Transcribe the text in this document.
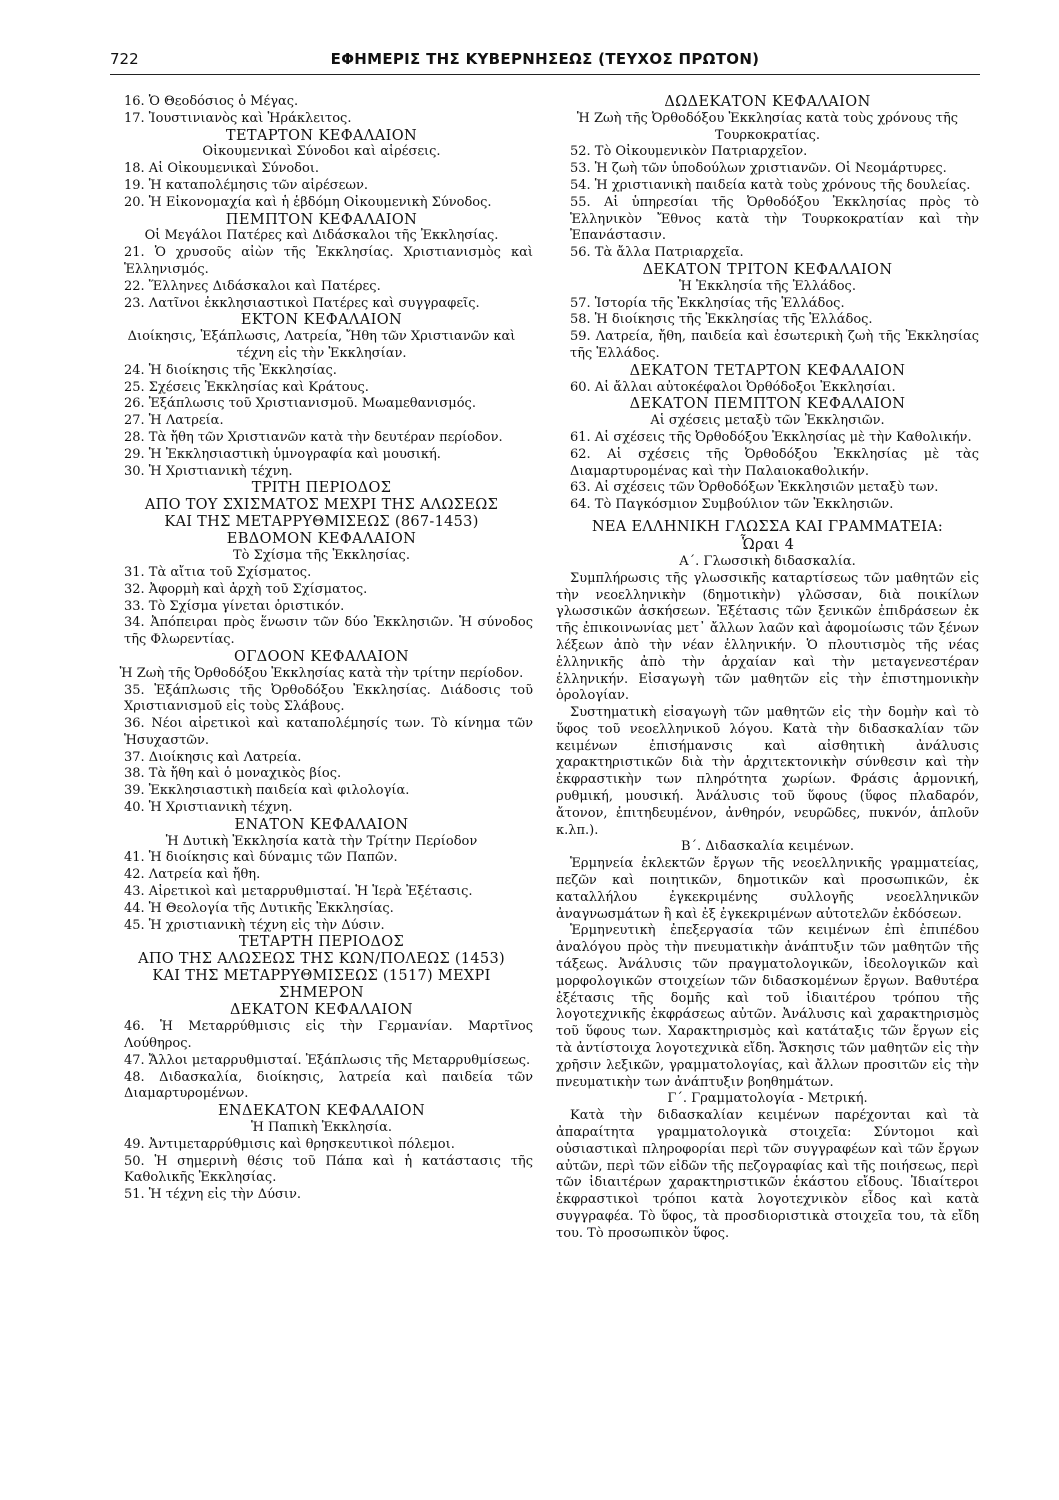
722	ΕΦΗΜΕΡΙΣ ΤΗΣ ΚΥΒΕΡΝΗΣΕΩΣ (ΤΕΥΧΟΣ ΠΡΩΤΟΝ)

16. Ὁ Θεοδόσιος ὁ Μέγας.

17. Ἰουστινιανὸς καὶ Ἡράκλειτος.

ΤΕΤΑΡΤΟΝ ΚΕΦΑΛΑΙΟΝ

Οἰκουμενικαὶ Σύνοδοι καὶ αἱρέσεις.

18. Αἱ Οἰκουμενικαὶ Σύνοδοι.

19. Ἡ καταπολέμησις τῶν αἱρέσεων.

20. Ἡ Εἰκονομαχία καὶ ἡ ἑβδόμη Οἰκουμενικὴ Σύνοδος.

ΠΕΜΠΤΟΝ ΚΕΦΑΛΑΙΟΝ

Οἱ Μεγάλοι Πατέρες καὶ Διδάσκαλοι τῆς Ἐκκλησίας.

21. Ὁ χρυσοῦς αἰὼν τῆς Ἐκκλησίας. Χριστιανισμὸς καὶ Ἑλληνισμός.

22. Ἕλληνες Διδάσκαλοι καὶ Πατέρες.

23. Λατῖνοι ἐκκλησιαστικοὶ Πατέρες καὶ συγγραφεῖς.

ΕΚΤΟΝ ΚΕΦΑΛΑΙΟΝ

Διοίκησις, Ἐξάπλωσις, Λατρεία, Ἤθη τῶν Χριστιανῶν καὶ τέχνη εἰς τὴν Ἐκκλησίαν.

24. Ἡ διοίκησις τῆς Ἐκκλησίας.

25. Σχέσεις Ἐκκλησίας καὶ Κράτους.

26. Ἐξάπλωσις τοῦ Χριστιανισμοῦ. Μωαμεθανισμός.

27. Ἡ Λατρεία.

28. Τὰ ἤθη τῶν Χριστιανῶν κατὰ τὴν δευτέραν περίοδον.

29. Ἡ Ἐκκλησιαστικὴ ὑμνογραφία καὶ μουσική.

30. Ἡ Χριστιανικὴ τέχνη.

ΤΡΙΤΗ ΠΕΡΙΟΔΟΣ

ΑΠΟ ΤΟΥ ΣΧΙΣΜΑΤΟΣ ΜΕΧΡΙ ΤΗΣ ΑΛΩΣΕΩΣ

ΚΑΙ ΤΗΣ ΜΕΤΑΡΡΥΘΜΙΣΕΩΣ (867-1453)

ΕΒΔΟΜΟΝ ΚΕΦΑΛΑΙΟΝ

Τὸ Σχίσμα τῆς Ἐκκλησίας.

31. Τὰ αἴτια τοῦ Σχίσματος.

32. Ἀφορμὴ καὶ ἀρχὴ τοῦ Σχίσματος.

33. Τὸ Σχίσμα γίνεται ὁριστικόν.

34. Ἀπόπειραι πρὸς ἕνωσιν τῶν δύο Ἐκκλησιῶν. Ἡ σύνοδος τῆς Φλωρεντίας.

ΟΓΔΟΟΝ ΚΕΦΑΛΑΙΟΝ

Ἡ Ζωὴ τῆς Ὀρθοδόξου Ἐκκλησίας κατὰ τὴν τρίτην περίοδον.

35. Ἐξάπλωσις τῆς Ὀρθοδόξου Ἐκκλησίας. Διάδοσις τοῦ Χριστιανισμοῦ εἰς τοὺς Σλάβους.

36. Νέοι αἱρετικοὶ καὶ καταπολέμησίς των. Τὸ κίνημα τῶν Ἡσυχαστῶν.

37. Διοίκησις καὶ Λατρεία.

38. Τὰ ἤθη καὶ ὁ μοναχικὸς βίος.

39. Ἐκκλησιαστικὴ παιδεία καὶ φιλολογία.

40. Ἡ Χριστιανικὴ τέχνη.

ΕΝΑΤΟΝ ΚΕΦΑΛΑΙΟΝ

Ἡ Δυτικὴ Ἐκκλησία κατὰ τὴν Τρίτην Περίοδον

41. Ἡ διοίκησις καὶ δύναμις τῶν Παπῶν.

42. Λατρεία καὶ ἤθη.

43. Αἱρετικοὶ καὶ μεταρρυθμισταί. Ἡ Ἱερὰ Ἐξέτασις.

44. Ἡ Θεολογία τῆς Δυτικῆς Ἐκκλησίας.

45. Ἡ χριστιανικὴ τέχνη εἰς τὴν Δύσιν.

ΤΕΤΑΡΤΗ ΠΕΡΙΟΔΟΣ

ΑΠΟ ΤΗΣ ΑΛΩΣΕΩΣ ΤΗΣ ΚΩΝ/ΠΟΛΕΩΣ (1453)

ΚΑΙ ΤΗΣ ΜΕΤΑΡΡΥΘΜΙΣΕΩΣ (1517) ΜΕΧΡΙ

ΣΗΜΕΡΟΝ

ΔΕΚΑΤΟΝ ΚΕΦΑΛΑΙΟΝ

46. Ἡ Μεταρρύθμισις εἰς τὴν Γερμανίαν. Μαρτῖνος Λούθηρος.

47. Ἄλλοι μεταρρυθμισταί. Ἐξάπλωσις τῆς Μεταρρυθμίσεως.

48. Διδασκαλία, διοίκησις, λατρεία καὶ παιδεία τῶν Διαμαρτυρομένων.

ΕΝΔΕΚΑΤΟΝ ΚΕΦΑΛΑΙΟΝ

Ἡ Παπικὴ Ἐκκλησία.

49. Ἀντιμεταρρύθμισις καὶ θρησκευτικοὶ πόλεμοι.

50. Ἡ σημερινὴ θέσις τοῦ Πάπα καὶ ἡ κατάστασις τῆς Καθολικῆς Ἐκκλησίας.

51. Ἡ τέχνη εἰς τὴν Δύσιν.

ΔΩΔΕΚΑΤΟΝ ΚΕΦΑΛΑΙΟΝ

Ἡ Ζωὴ τῆς Ὀρθοδόξου Ἐκκλησίας κατὰ τοὺς χρόνους τῆς Τουρκοκρατίας.

52. Τὸ Οἰκουμενικὸν Πατριαρχεῖον.

53. Ἡ ζωὴ τῶν ὑποδούλων χριστιανῶν. Οἱ Νεομάρτυρες.

54. Ἡ χριστιανικὴ παιδεία κατὰ τοὺς χρόνους τῆς δουλείας.

55. Αἱ ὑπηρεσίαι τῆς Ὀρθοδόξου Ἐκκλησίας πρὸς τὸ Ἑλληνικὸν Ἔθνος κατὰ τὴν Τουρκοκρατίαν καὶ τὴν Ἐπανάστασιν.

56. Τὰ ἄλλα Πατριαρχεῖα.

ΔΕΚΑΤΟΝ ΤΡΙΤΟΝ ΚΕΦΑΛΑΙΟΝ

Ἡ Ἐκκλησία τῆς Ἑλλάδος.

57. Ἱστορία τῆς Ἐκκλησίας τῆς Ἑλλάδος.

58. Ἡ διοίκησις τῆς Ἐκκλησίας τῆς Ἑλλάδος.

59. Λατρεία, ἤθη, παιδεία καὶ ἐσωτερικὴ ζωὴ τῆς Ἐκκλησίας τῆς Ἑλλάδος.

ΔΕΚΑΤΟΝ ΤΕΤΑΡΤΟΝ ΚΕΦΑΛΑΙΟΝ

60. Αἱ ἄλλαι αὐτοκέφαλοι Ὀρθόδοξοι Ἐκκλησίαι.

ΔΕΚΑΤΟΝ ΠΕΜΠΤΟΝ ΚΕΦΑΛΑΙΟΝ

Αἱ σχέσεις μεταξὺ τῶν Ἐκκλησιῶν.

61. Αἱ σχέσεις τῆς Ὀρθοδόξου Ἐκκλησίας μὲ τὴν Καθολικήν.

62. Αἱ σχέσεις τῆς Ὀρθοδόξου Ἐκκλησίας μὲ τὰς Διαμαρτυρομένας καὶ τὴν Παλαιοκαθολικήν.

63. Αἱ σχέσεις τῶν Ὀρθοδόξων Ἐκκλησιῶν μεταξὺ των.

64. Τὸ Παγκόσμιον Συμβούλιον τῶν Ἐκκλησιῶν.

ΝΕΑ ΕΛΛΗΝΙΚΗ ΓΛΩΣΣΑ ΚΑΙ ΓΡΑΜΜΑΤΕΙΑ:

Ὧραι 4

Α΄. Γλωσσικὴ διδασκαλία.

Συμπλήρωσις τῆς γλωσσικῆς καταρτίσεως τῶν μαθητῶν εἰς τὴν νεοελληνικὴν (δημοτικὴν) γλῶσσαν, διὰ ποικίλων γλωσσικῶν ἀσκήσεων. Ἐξέτασις τῶν ξενικῶν ἐπιδράσεων ἐκ τῆς ἐπικοινωνίας μετ᾿ ἄλλων λαῶν καὶ ἀφομοίωσις τῶν ξένων λέξεων ἀπὸ τὴν νέαν ἑλληνικήν. Ὁ πλουτισμὸς τῆς νέας ἑλληνικῆς ἀπὸ τὴν ἀρχαίαν καὶ τὴν μεταγενεστέραν ἑλληνικήν. Εἰσαγωγὴ τῶν μαθητῶν εἰς τὴν ἐπιστημονικὴν ὁρολογίαν.

Συστηματικὴ εἰσαγωγὴ τῶν μαθητῶν εἰς τὴν δομὴν καὶ τὸ ὕφος τοῦ νεοελληνικοῦ λόγου. Κατὰ τὴν διδασκαλίαν τῶν κειμένων ἐπισήμανσις καὶ αἰσθητικὴ ἀνάλυσις χαρακτηριστικῶν διὰ τὴν ἀρχιτεκτονικὴν σύνθεσιν καὶ τὴν ἐκφραστικὴν των πληρότητα χωρίων. Φράσις ἁρμονική, ρυθμική, μουσική. Ἀνάλυσις τοῦ ὕφους (ὕφος πλαδαρόν, ἄτονον, ἐπιτηδευμένον, ἀνθηρόν, νευρῶδες, πυκνόν, ἁπλοῦν κ.λπ.).

Β΄. Διδασκαλία κειμένων.

Ἑρμηνεία ἐκλεκτῶν ἔργων τῆς νεοελληνικῆς γραμματείας, πεζῶν καὶ ποιητικῶν, δημοτικῶν καὶ προσωπικῶν, ἐκ καταλλήλου ἐγκεκριμένης συλλογῆς νεοελληνικῶν ἀναγνωσμάτων ἢ καὶ ἐξ ἐγκεκριμένων αὐτοτελῶν ἐκδόσεων.

Ἑρμηνευτικὴ ἐπεξεργασία τῶν κειμένων ἐπὶ ἐπιπέδου ἀναλόγου πρὸς τὴν πνευματικὴν ἀνάπτυξιν τῶν μαθητῶν τῆς τάξεως. Ἀνάλυσις τῶν πραγματολογικῶν, ἰδεολογικῶν καὶ μορφολογικῶν στοιχείων τῶν διδασκομένων ἔργων. Βαθυτέρα ἐξέτασις τῆς δομῆς καὶ τοῦ ἰδιαιτέρου τρόπου τῆς λογοτεχνικῆς ἐκφράσεως αὐτῶν. Ἀνάλυσις καὶ χαρακτηρισμὸς τοῦ ὕφους των. Χαρακτηρισμὸς καὶ κατάταξις τῶν ἔργων εἰς τὰ ἀντίστοιχα λογοτεχνικὰ εἴδη. Ἄσκησις τῶν μαθητῶν εἰς τὴν χρῆσιν λεξικῶν, γραμματολογίας, καὶ ἄλλων προσιτῶν εἰς τὴν πνευματικὴν των ἀνάπτυξιν βοηθημάτων.

Γ΄. Γραμματολογία - Μετρική.

Κατὰ τὴν διδασκαλίαν κειμένων παρέχονται καὶ τὰ ἀπαραίτητα γραμματολογικὰ στοιχεῖα: Σύντομοι καὶ οὐσιαστικαὶ πληροφορίαι περὶ τῶν συγγραφέων καὶ τῶν ἔργων αὐτῶν, περὶ τῶν εἰδῶν τῆς πεζογραφίας καὶ τῆς ποιήσεως, περὶ τῶν ἰδιαιτέρων χαρακτηριστικῶν ἑκάστου εἴδους. Ἰδιαίτεροι ἐκφραστικοὶ τρόποι κατὰ λογοτεχνικὸν εἶδος καὶ κατὰ συγγραφέα. Τὸ ὕφος, τὰ προσδιοριστικὰ στοιχεῖα του, τὰ εἴδη του. Τὸ προσωπικὸν ὕφος.
